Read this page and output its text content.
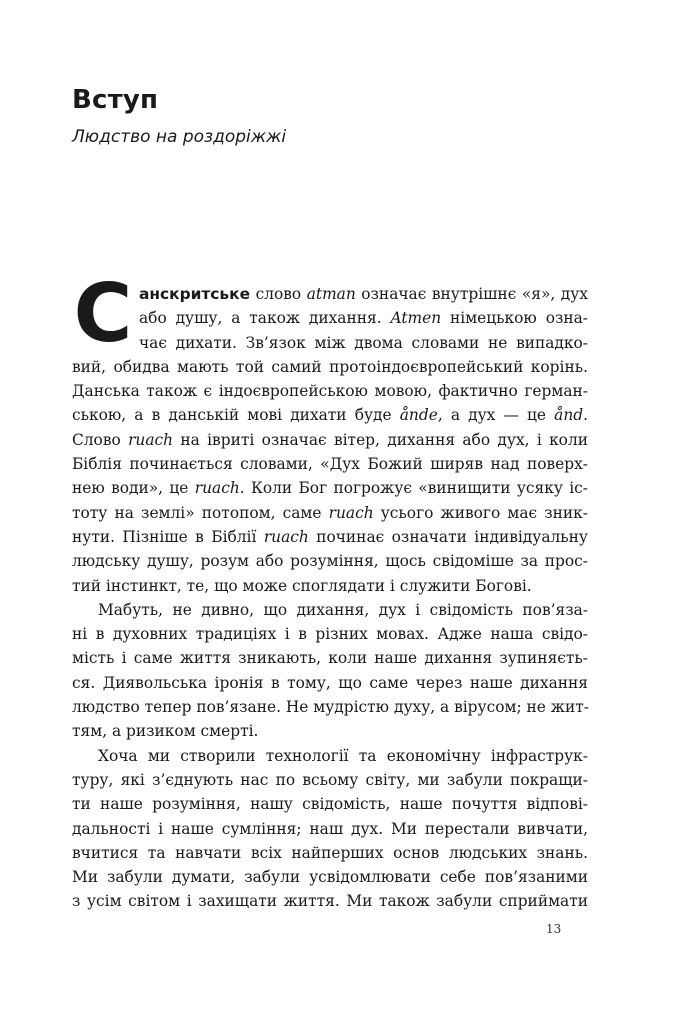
Вступ

Людство на роздоріжжі

С анскритське слово atman означає внутрішнє «я», дух
або душу, а також дихання. Atmen німецькою озна-
чає дихати. Зв’язок між двома словами не випадко-
вий, обидва мають той самий протоіндоєвропейський корінь.
Данська також є індоєвропейською мовою, фактично герман-
ською, а в данській мові дихати буде ånde, а дух — це ånd.
Слово ruach на івриті означає вітер, дихання або дух, і коли
Біблія починається словами, «Дух Божий ширяв над поверх-
нею води», це ruach. Коли Бог погрожує «винищити усяку іс-
тоту на землі» потопом, саме ruach усього живого має зник-
нути. Пізніше в Біблії ruach починає означати індивідуальну
людську душу, розум або розуміння, щось свідоміше за прос-
тий інстинкт, те, що може споглядати і служити Богові.
Мабуть, не дивно, що дихання, дух і свідомість пов’яза-
ні в духовних традиціях і в різних мовах. Адже наша свідо-
мість і саме життя зникають, коли наше дихання зупиняєть-
ся. Диявольська іронія в тому, що саме через наше дихання
людство тепер пов’язане. Не мудрістю духу, а вірусом; не жит-
тям, а ризиком смерті.
Хоча ми створили технології та економічну інфраструк-
туру, які з’єднують нас по всьому світу, ми забули покращи-
ти наше розуміння, нашу свідомість, наше почуття відпові-
дальності і наше сумління; наш дух. Ми перестали вивчати,
вчитися та навчати всіх найперших основ людських знань.
Ми забули думати, забули усвідомлювати себе пов’язаними
з усім світом і захищати життя. Ми також забули сприймати
13
